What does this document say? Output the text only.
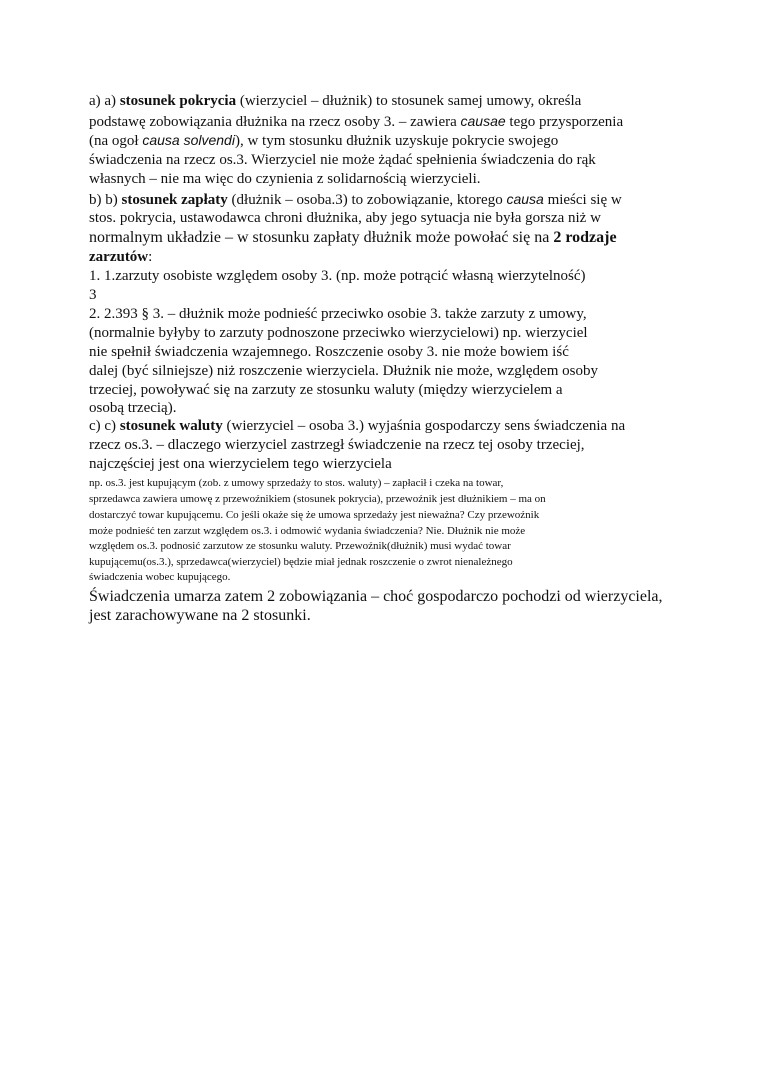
a) a) stosunek pokrycia (wierzyciel – dłużnik) to stosunek samej umowy, określa
podstawę zobowiązania dłużnika na rzecz osoby 3. – zawiera causae tego przysporzenia
(na ogoł causa solvendi), w tym stosunku dłużnik uzyskuje pokrycie swojego
świadczenia na rzecz os.3. Wierzyciel nie może żądać spełnienia świadczenia do rąk
własnych – nie ma więc do czynienia z solidarnością wierzycieli.
b) b) stosunek zapłaty (dłużnik – osoba.3) to zobowiązanie, ktorego causa mieści się w
stos. pokrycia, ustawodawca chroni dłużnika, aby jego sytuacja nie była gorsza niż w
normalnym układzie – w stosunku zapłaty dłużnik może powołać się na 2 rodzaje
zarzutów:
1. 1.zarzuty osobiste względem osoby 3. (np. może potrącić własną wierzytelność)
3
2. 2.393 § 3. – dłużnik może podnieść przeciwko osobie 3. także zarzuty z umowy,
(normalnie byłyby to zarzuty podnoszone przeciwko wierzycielowi) np. wierzyciel
nie spełnił świadczenia wzajemnego. Roszczenie osoby 3. nie może bowiem iść
dalej (być silniejsze) niż roszczenie wierzyciela. Dłużnik nie może, względem osoby
trzeciej, powoływać się na zarzuty ze stosunku waluty (między wierzycielem a
osobą trzecią).
c) c) stosunek waluty (wierzyciel – osoba 3.) wyjaśnia gospodarczy sens świadczenia na
rzecz os.3. – dlaczego wierzyciel zastrzegł świadczenie na rzecz tej osoby trzeciej,
najczęściej jest ona wierzycielem tego wierzyciela
np. os.3. jest kupującym (zob. z umowy sprzedaży to stos. waluty) – zapłacił i czeka na towar,
sprzedawca zawiera umowę z przewoźnikiem (stosunek pokrycia), przewoźnik jest dłużnikiem – ma on
dostarczyć towar kupującemu. Co jeśli okaże się że umowa sprzedaży jest nieważna? Czy przewoźnik
może podnieść ten zarzut względem os.3. i odmowić wydania świadczenia? Nie. Dłużnik nie może
względem os.3. podnosić zarzutow ze stosunku waluty. Przewoźnik(dłużnik) musi wydać towar
kupującemu(os.3.), sprzedawca(wierzyciel) będzie miał jednak roszczenie o zwrot nienależnego
świadczenia wobec kupującego.
Świadczenia umarza zatem 2 zobowiązania – choć gospodarczo pochodzi od wierzyciela,
jest zarachowywane na 2 stosunki.
